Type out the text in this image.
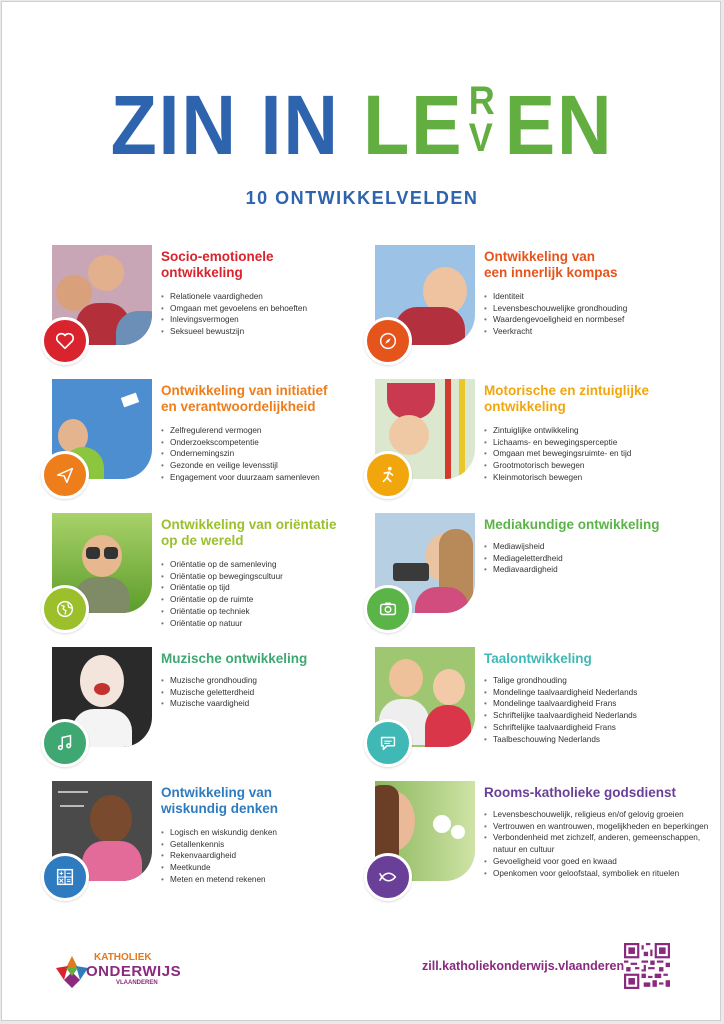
ZIN IN LE R
V EN
10 ONTWIKKELVELDEN
Socio-emotionele
ontwikkeling
• Relationele vaardigheden
• Omgaan met gevoelens en behoeften
• Inlevingsvermogen
• Seksueel bewustzijn
Ontwikkeling van
een innerlijk kompas
• Identiteit
• Levensbeschouwelijke grondhouding
• Waardengevoeligheid en normbesef
• Veerkracht
Ontwikkeling van initiatief
en verantwoordelijkheid
• Zelfregulerend vermogen
• Onderzoekscompetentie
• Ondernemingszin
• Gezonde en veilige levensstijl
• Engagement voor duurzaam samenleven
Motorische en zintuiglijke
ontwikkeling
• Zintuiglijke ontwikkeling
• Lichaams- en bewegingsperceptie
• Omgaan met bewegingsruimte- en tijd
• Grootmotorisch bewegen
• Kleinmotorisch bewegen
Ontwikkeling van oriëntatie
op de wereld
• Oriëntatie op de samenleving
• Oriëntatie op bewegingscultuur
• Oriëntatie op tijd
• Oriëntatie op de ruimte
• Oriëntatie op techniek
• Oriëntatie op natuur
Mediakundige ontwikkeling
• Mediawijsheid
• Mediageletterdheid
• Mediavaardigheid
Muzische ontwikkeling
• Muzische grondhouding
• Muzische geletterdheid
• Muzische vaardigheid
Taalontwikkeling
• Talige grondhouding
• Mondelinge taalvaardigheid Nederlands
• Mondelinge taalvaardigheid Frans
• Schriftelijke taalvaardigheid Nederlands
• Schriftelijke taalvaardigheid Frans
• Taalbeschouwing Nederlands
Ontwikkeling van
wiskundig denken
• Logisch en wiskundig denken
• Getallenkennis
• Rekenvaardigheid
• Meetkunde
• Meten en metend rekenen
Rooms-katholieke godsdienst
• Levensbeschouwelijk, religieus en/of gelovig groeien
• Vertrouwen en wantrouwen, mogelijkheden en beperkingen
• Verbondenheid met zichzelf, anderen, gemeenschappen, natuur en cultuur
• Gevoeligheid voor goed en kwaad
• Openkomen voor geloofstaal, symboliek en rituelen
KATHOLIEK
ONDERWIJS
VLAANDEREN
zill.katholiekonderwijs.vlaanderen
